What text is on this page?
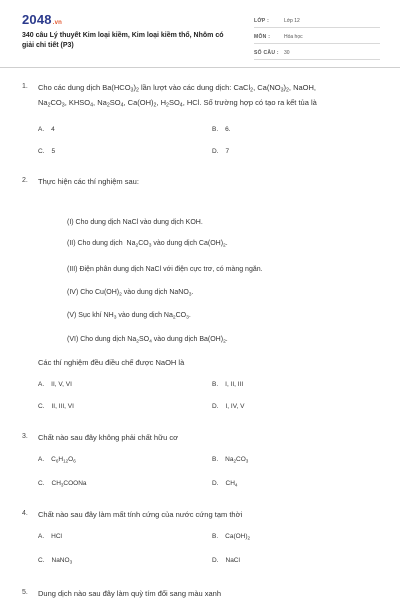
2048.vn
340 câu Lý thuyết Kim loại kiềm, Kim loại kiềm thổ, Nhôm có giải chi tiết (P3)
LỚP :	Lớp 12
MÔN :	Hóa học
SỐ CÂU : 30
1. Cho các dung dịch $Ba(HCO_3)_2$ lần lượt vào các dung dịch: CaCl$_2$, $Ca(NO_3)_2$, NaOH,
$Na_2CO_3$, $KHSO_4$, $Na_2SO_4$, $Ca(OH)_2$, $H_2SO_4$, HCl. Số trường hợp có tạo ra kết tủa là
A. 4	B. 6.
C. 5	D. 7
2. Thực hiện các thí nghiệm sau:
(I) Cho dung dịch NaCl vào dung dịch KOH.
(II) Cho dung dịch  $Na_2CO_3$ vào dung dịch $Ca(OH)_2$.
(III) Điện phân dung dịch NaCl với điện cực trơ, có màng ngăn.
(IV) Cho $Cu(OH)_2$ vào dung dịch NaNO$_3$.
(V) Sục khí $NH_3$ vào dung dịch $Na_2CO_3$.
(VI) Cho dung dịch $Na_2SO_4$ vào dung dịch $Ba(OH)_2$.
Các thí nghiệm đều điều chế được NaOH là
A. II, V, VI	B. I, II, III
C. II, III, VI	D. I, IV, V
3. Chất nào sau đây không phải chất hữu cơ
A. $C_6H_{12}O_6$	B. $Na_2CO_3$
C. $CH_3COONa$	D. $CH_4$
4. Chất nào sau đây làm mất tính cứng của nước cứng tạm thời
A. HCl	B. $Ca(OH)_2$
C. NaNO$_3$	D. NaCl
5. Dung dịch nào sau đây làm quỳ tím đổi sang màu xanh
